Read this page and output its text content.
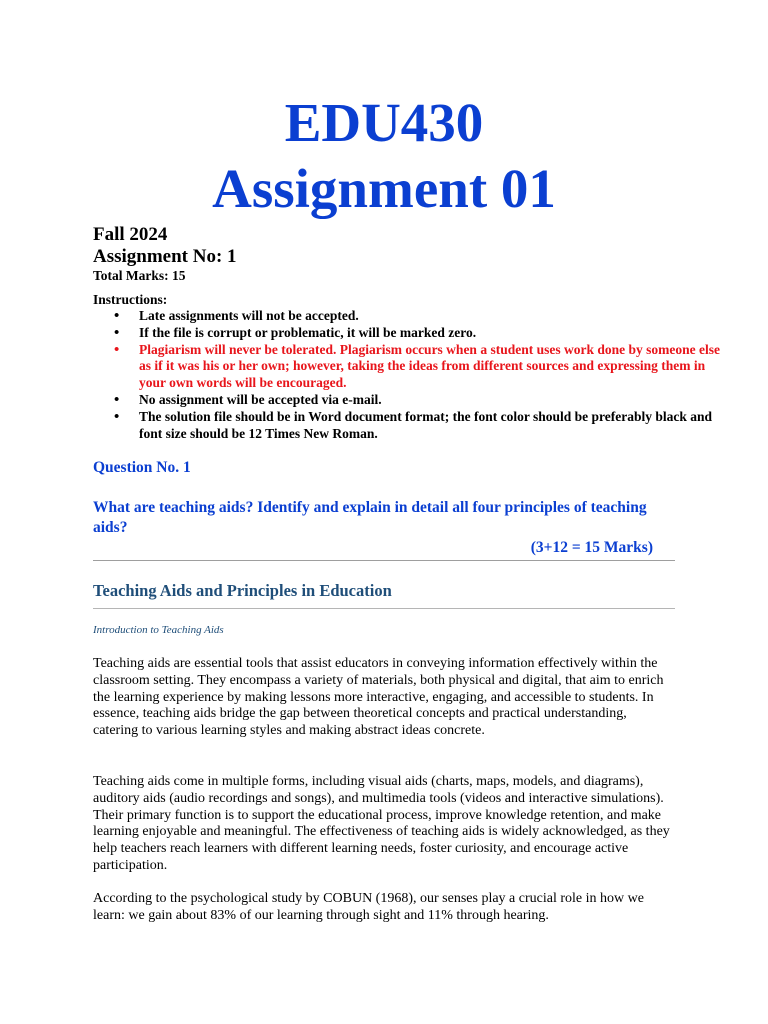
EDU430
Assignment 01

Fall 2024

Assignment No: 1

Total Marks: 15

Instructions:

• Late assignments will not be accepted.
• If the file is corrupt or problematic, it will be marked zero.
• Plagiarism will never be tolerated. Plagiarism occurs when a student uses work done by someone else as if it was his or her own; however, taking the ideas from different sources and expressing them in your own words will be encouraged.
• No assignment will be accepted via e-mail.
• The solution file should be in Word document format; the font color should be preferably black and font size should be 12 Times New Roman.

Question No. 1

What are teaching aids? Identify and explain in detail all four principles of teaching aids?

(3+12 = 15 Marks)

Teaching Aids and Principles in Education

Introduction to Teaching Aids

Teaching aids are essential tools that assist educators in conveying information effectively within the classroom setting. They encompass a variety of materials, both physical and digital, that aim to enrich the learning experience by making lessons more interactive, engaging, and accessible to students. In essence, teaching aids bridge the gap between theoretical concepts and practical understanding, catering to various learning styles and making abstract ideas concrete.

Teaching aids come in multiple forms, including visual aids (charts, maps, models, and diagrams), auditory aids (audio recordings and songs), and multimedia tools (videos and interactive simulations). Their primary function is to support the educational process, improve knowledge retention, and make learning enjoyable and meaningful. The effectiveness of teaching aids is widely acknowledged, as they help teachers reach learners with different learning needs, foster curiosity, and encourage active participation.

According to the psychological study by COBUN (1968), our senses play a crucial role in how we learn: we gain about 83% of our learning through sight and 11% through hearing.
